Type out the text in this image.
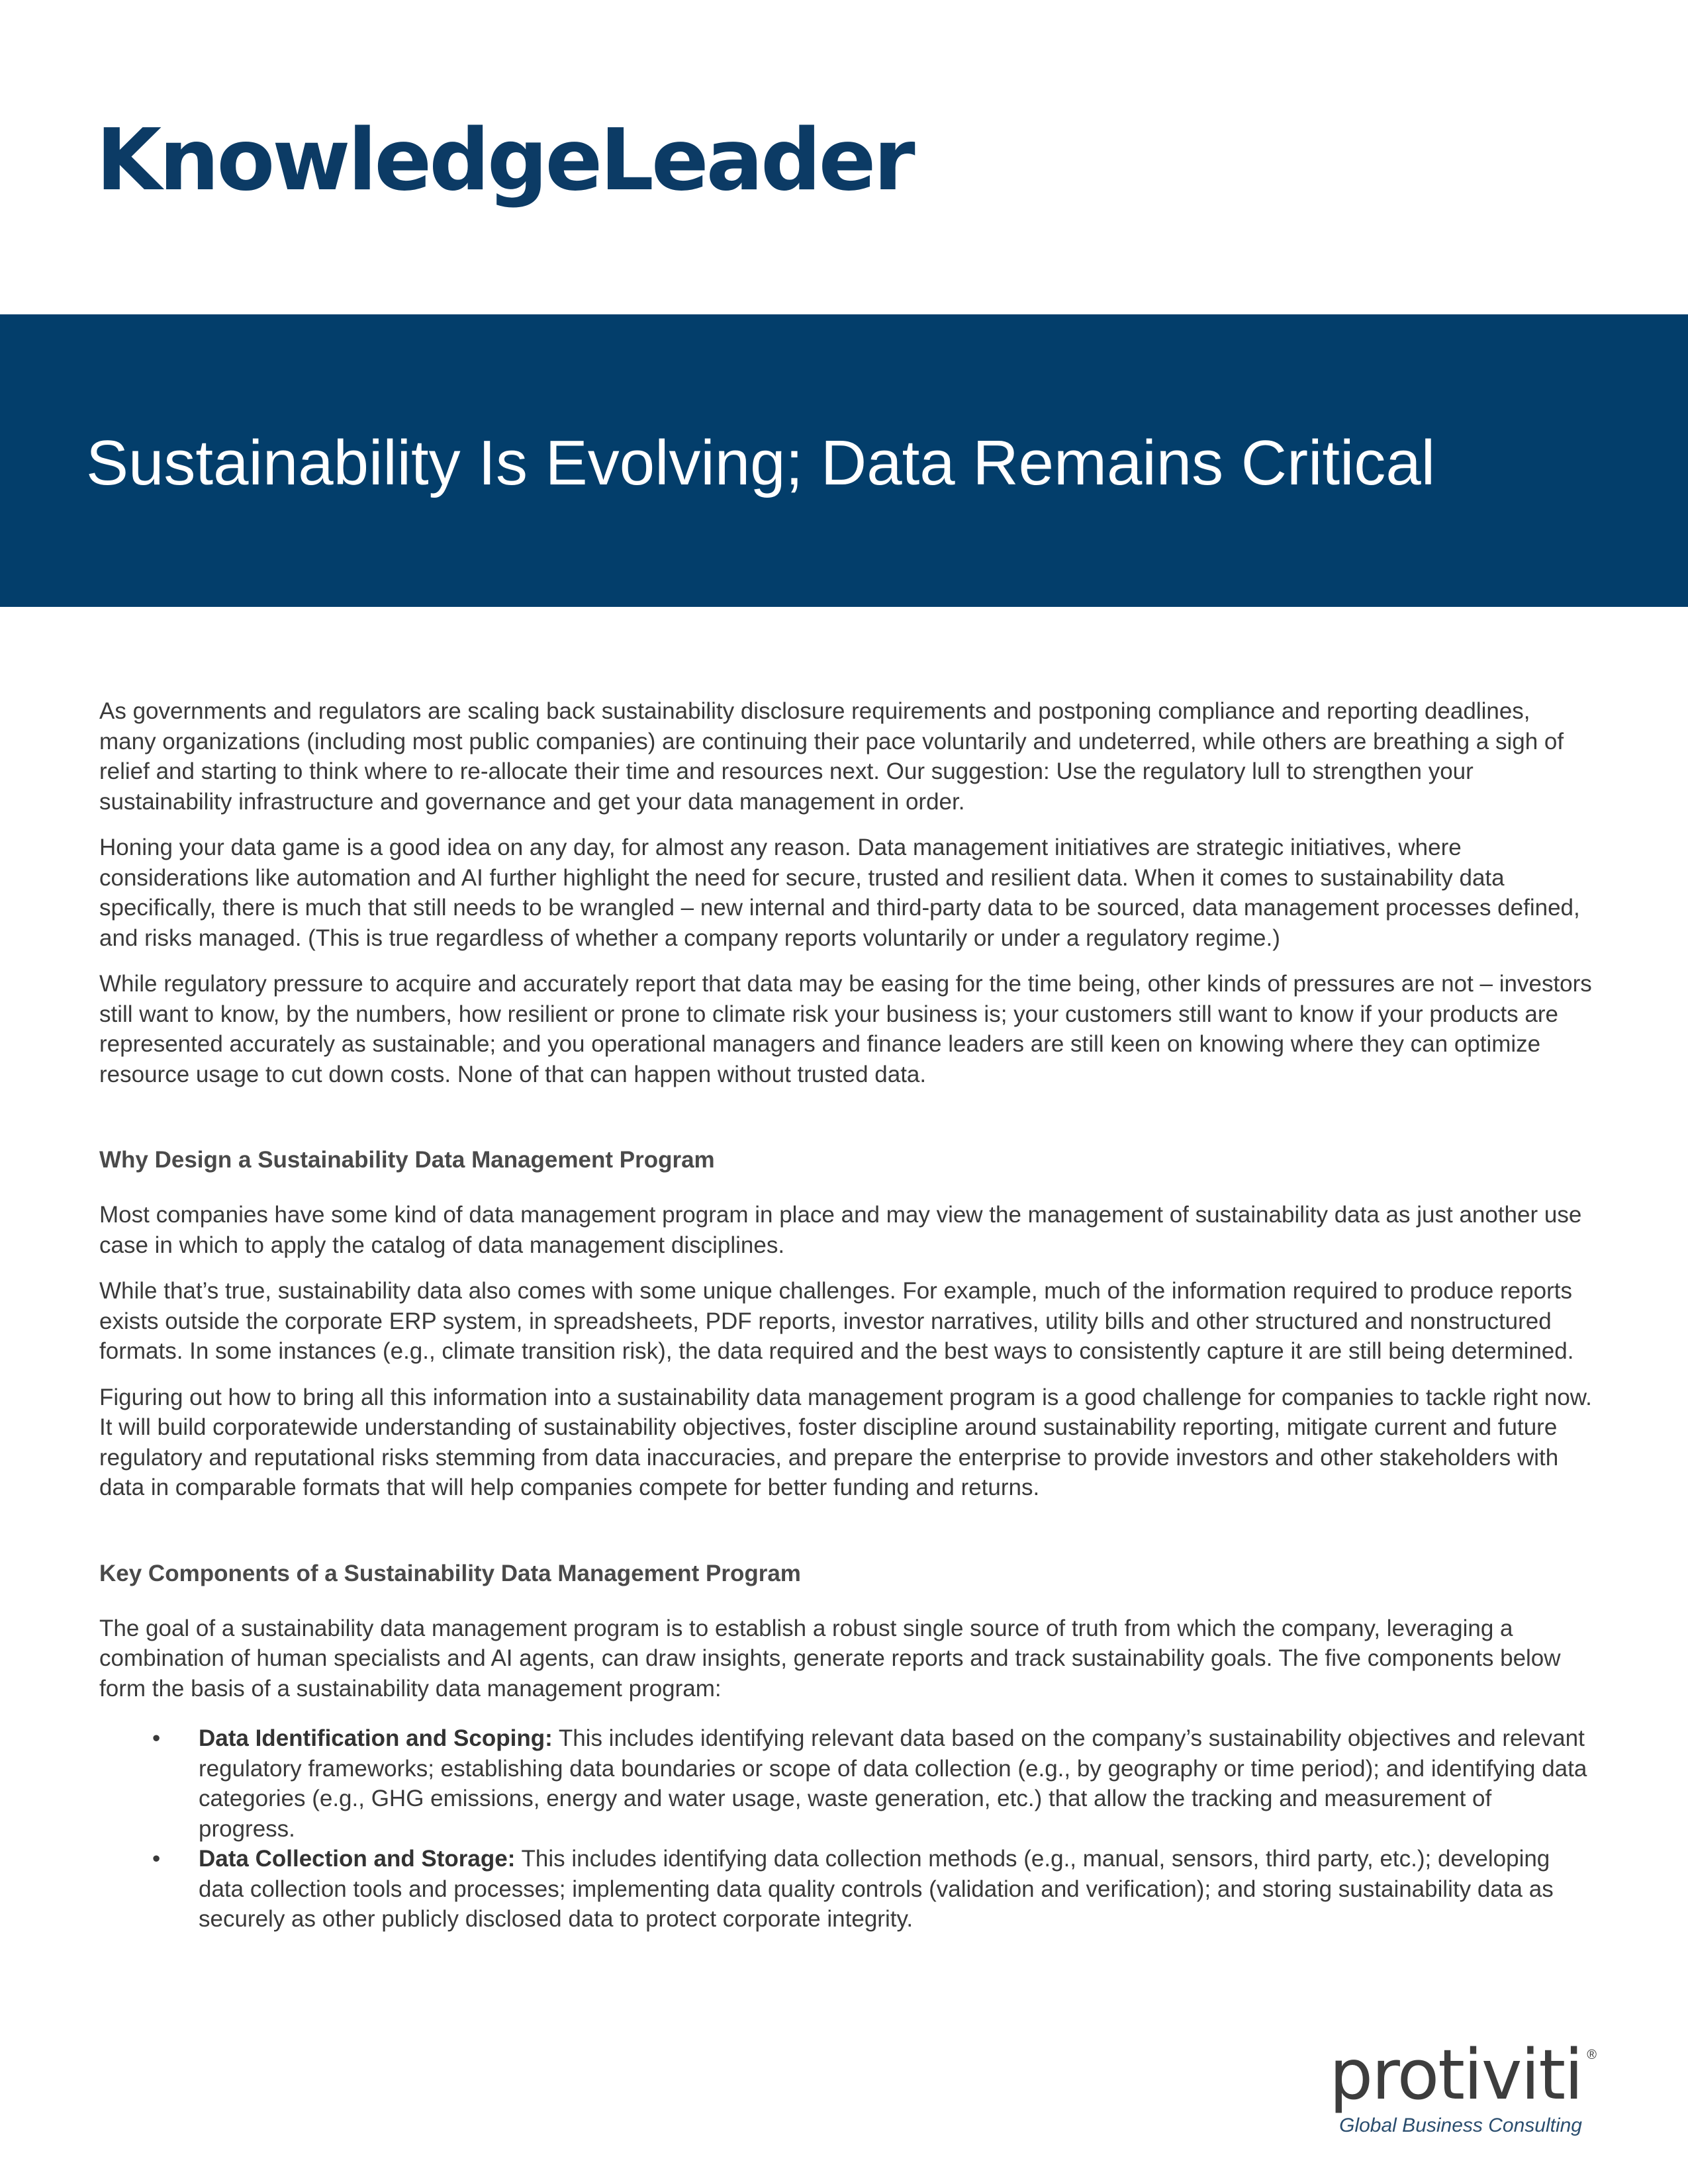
KnowledgeLeader
Sustainability Is Evolving; Data Remains Critical

As governments and regulators are scaling back sustainability disclosure requirements and postponing compliance and reporting deadlines, many organizations (including most public companies) are continuing their pace voluntarily and undeterred, while others are breathing a sigh of relief and starting to think where to re-allocate their time and resources next. Our suggestion: Use the regulatory lull to strengthen your sustainability infrastructure and governance and get your data management in order.

Honing your data game is a good idea on any day, for almost any reason. Data management initiatives are strategic initiatives, where considerations like automation and AI further highlight the need for secure, trusted and resilient data. When it comes to sustainability data specifically, there is much that still needs to be wrangled – new internal and third-party data to be sourced, data management processes defined, and risks managed. (This is true regardless of whether a company reports voluntarily or under a regulatory regime.)

While regulatory pressure to acquire and accurately report that data may be easing for the time being, other kinds of pressures are not – investors still want to know, by the numbers, how resilient or prone to climate risk your business is; your customers still want to know if your products are represented accurately as sustainable; and you operational managers and finance leaders are still keen on knowing where they can optimize resource usage to cut down costs. None of that can happen without trusted data.

Why Design a Sustainability Data Management Program

Most companies have some kind of data management program in place and may view the management of sustainability data as just another use case in which to apply the catalog of data management disciplines.

While that’s true, sustainability data also comes with some unique challenges. For example, much of the information required to produce reports exists outside the corporate ERP system, in spreadsheets, PDF reports, investor narratives, utility bills and other structured and nonstructured formats. In some instances (e.g., climate transition risk), the data required and the best ways to consistently capture it are still being determined.

Figuring out how to bring all this information into a sustainability data management program is a good challenge for companies to tackle right now. It will build corporatewide understanding of sustainability objectives, foster discipline around sustainability reporting, mitigate current and future regulatory and reputational risks stemming from data inaccuracies, and prepare the enterprise to provide investors and other stakeholders with data in comparable formats that will help companies compete for better funding and returns.

Key Components of a Sustainability Data Management Program

The goal of a sustainability data management program is to establish a robust single source of truth from which the company, leveraging a combination of human specialists and AI agents, can draw insights, generate reports and track sustainability goals. The five components below form the basis of a sustainability data management program:

• Data Identification and Scoping: This includes identifying relevant data based on the company’s sustainability objectives and relevant regulatory frameworks; establishing data boundaries or scope of data collection (e.g., by geography or time period); and identifying data categories (e.g., GHG emissions, energy and water usage, waste generation, etc.) that allow the tracking and measurement of progress.
• Data Collection and Storage: This includes identifying data collection methods (e.g., manual, sensors, third party, etc.); developing data collection tools and processes; implementing data quality controls (validation and verification); and storing sustainability data as securely as other publicly disclosed data to protect corporate integrity.
protiviti ®
Global Business Consulting
